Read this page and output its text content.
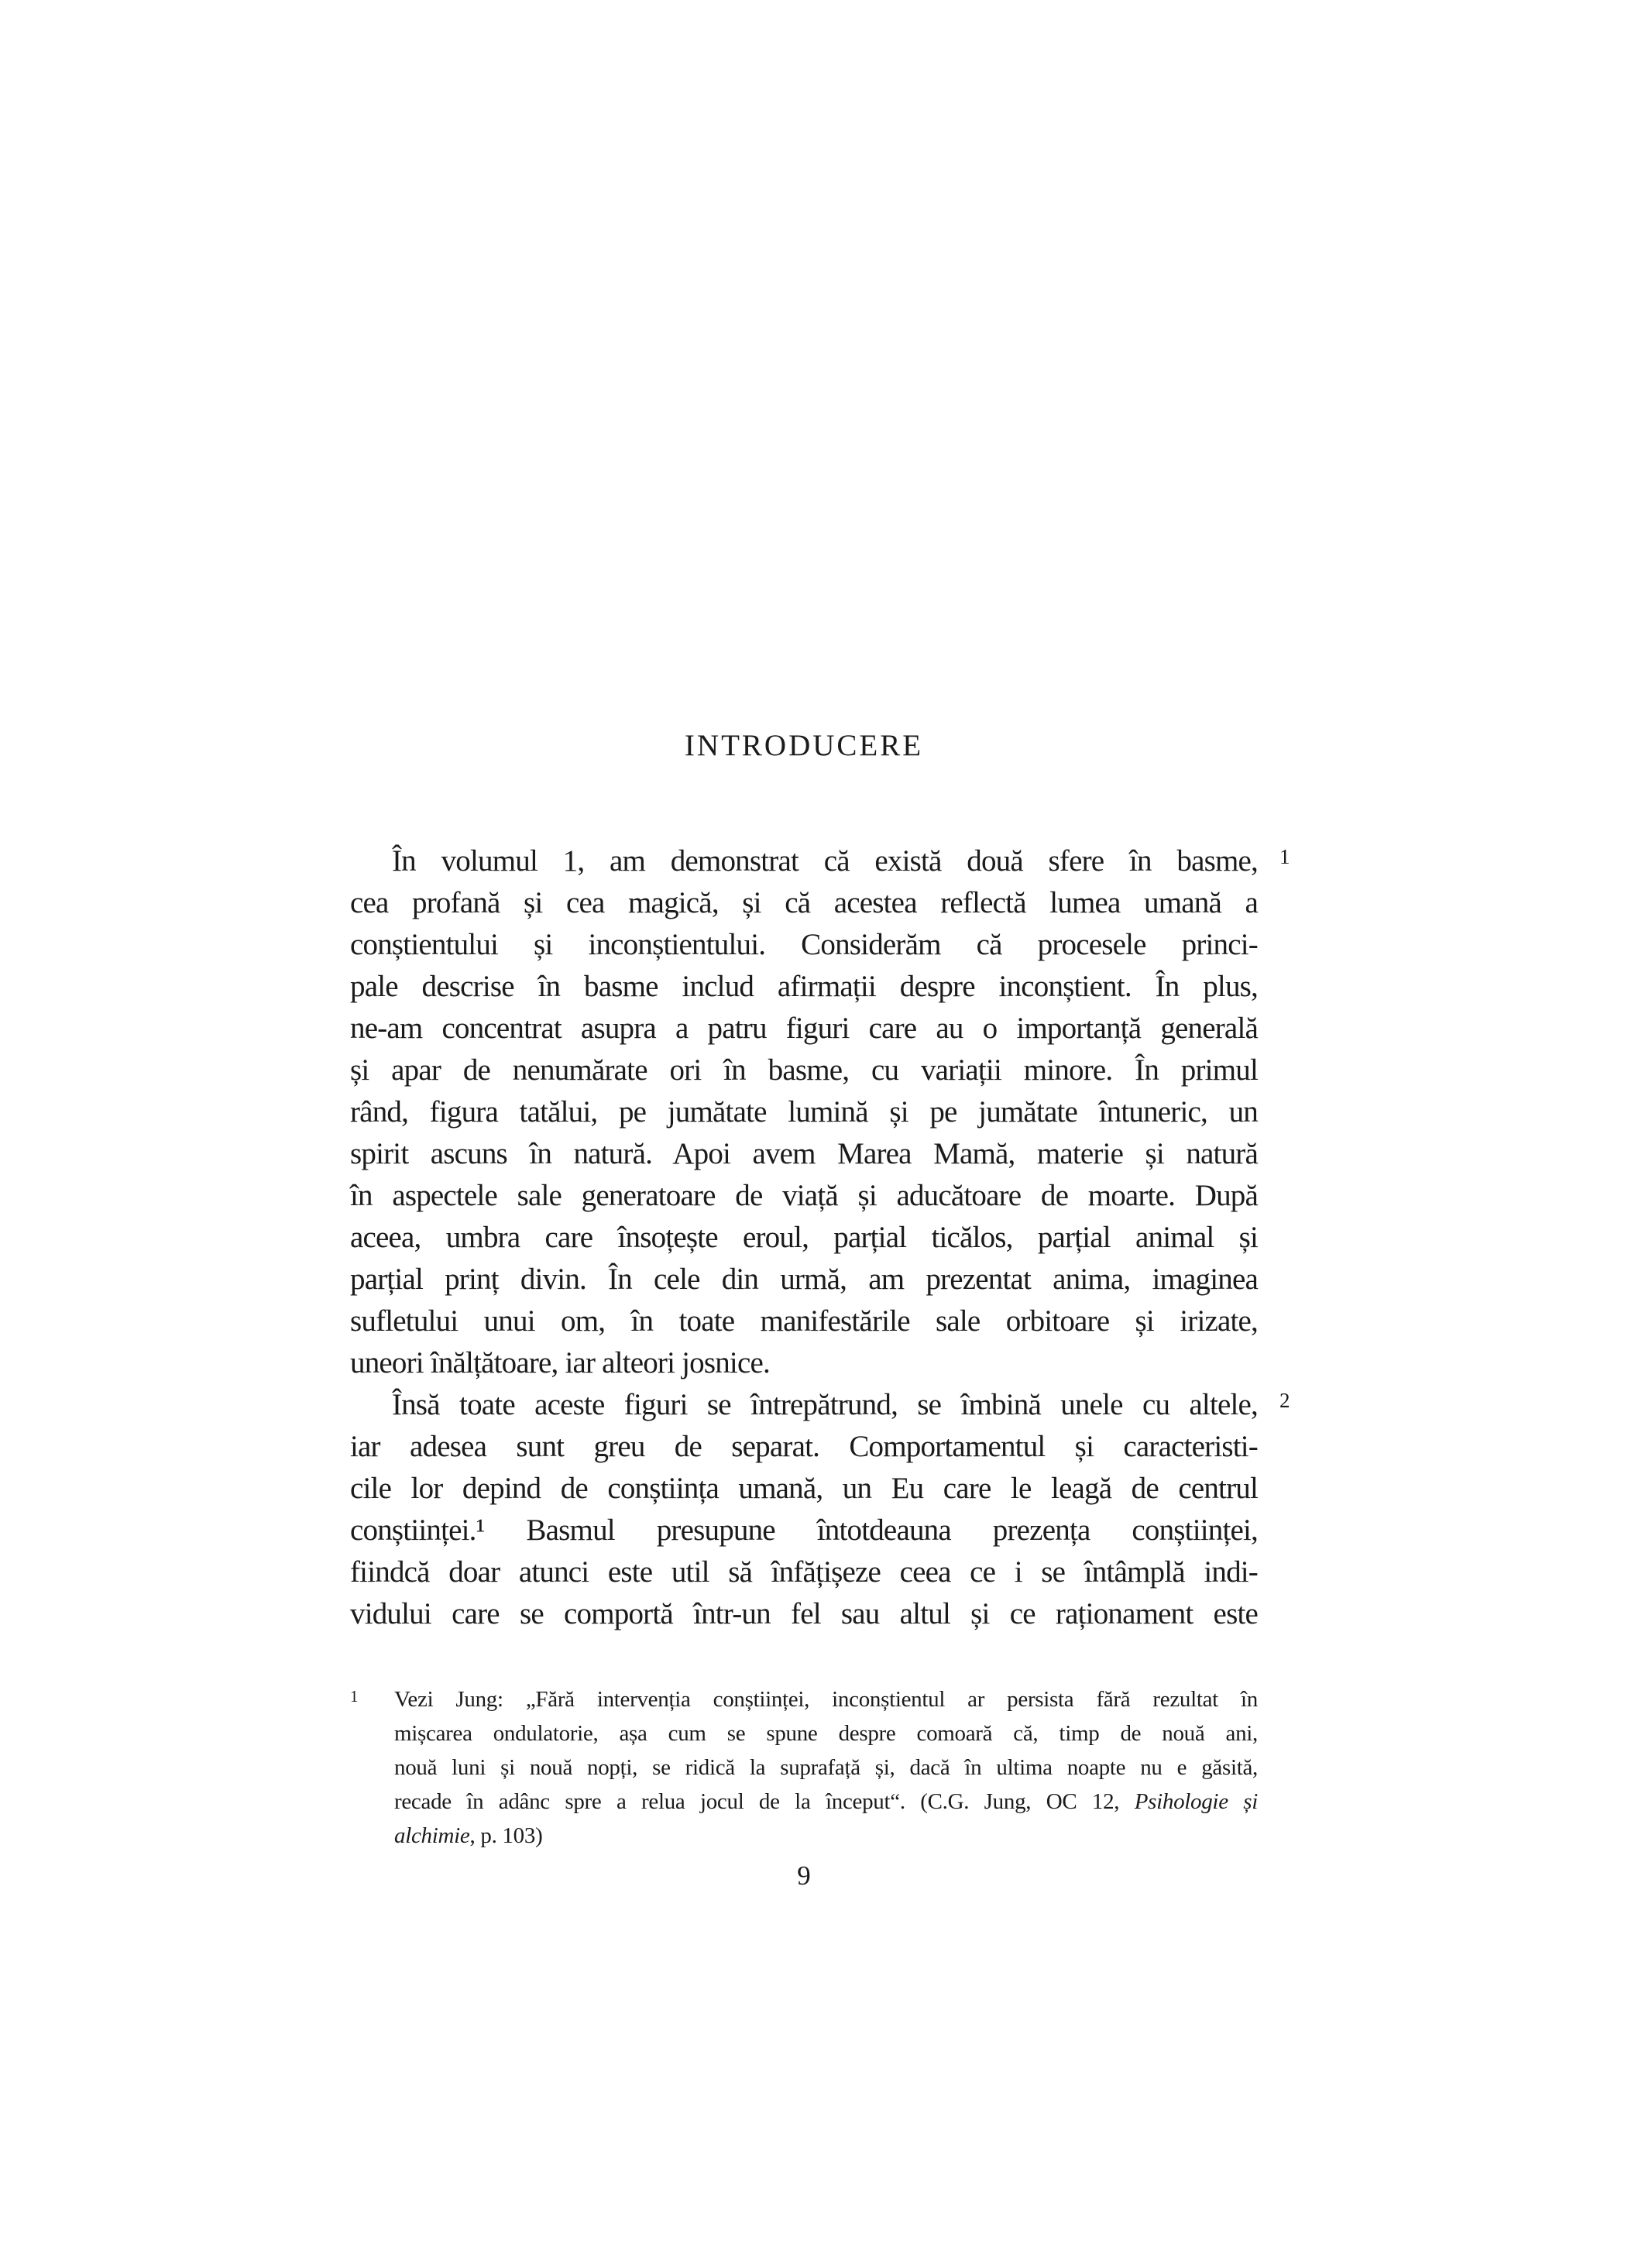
INTRODUCERE
1
În volumul 1, am demonstrat că există două sfere în basme,
cea profană și cea magică, și că acestea reflectă lumea umană a
conștientului și inconștientului. Considerăm că procesele princi-
pale descrise în basme includ afirmații despre inconștient. În plus,
ne-am concentrat asupra a patru figuri care au o importanță generală
și apar de nenumărate ori în basme, cu variații minore. În primul
rând, figura tatălui, pe jumătate lumină și pe jumătate întuneric, un
spirit ascuns în natură. Apoi avem Marea Mamă, materie și natură
în aspectele sale generatoare de viață și aducătoare de moarte. După
aceea, umbra care însoțește eroul, parțial ticălos, parțial animal și
parțial prinț divin. În cele din urmă, am prezentat anima, imaginea
sufletului unui om, în toate manifestările sale orbitoare și irizate,
uneori înălțătoare, iar alteori josnice.
2
Însă toate aceste figuri se întrepătrund, se îmbină unele cu altele,
iar adesea sunt greu de separat. Comportamentul și caracteristi-
cile lor depind de conștiința umană, un Eu care le leagă de centrul
conștiinței.¹ Basmul presupune întotdeauna prezența conștiinței,
fiindcă doar atunci este util să înfățișeze ceea ce i se întâmplă indi-
vidului care se comportă într-un fel sau altul și ce raționament este
1 Vezi Jung: „Fără intervenția conștiinței, inconștientul ar persista fără rezultat în
mișcarea ondulatorie, așa cum se spune despre comoară că, timp de nouă ani,
nouă luni și nouă nopți, se ridică la suprafață și, dacă în ultima noapte nu e găsită,
recade în adânc spre a relua jocul de la început“. (C.G. Jung, OC 12, Psihologie și
alchimie, p. 103)
9
